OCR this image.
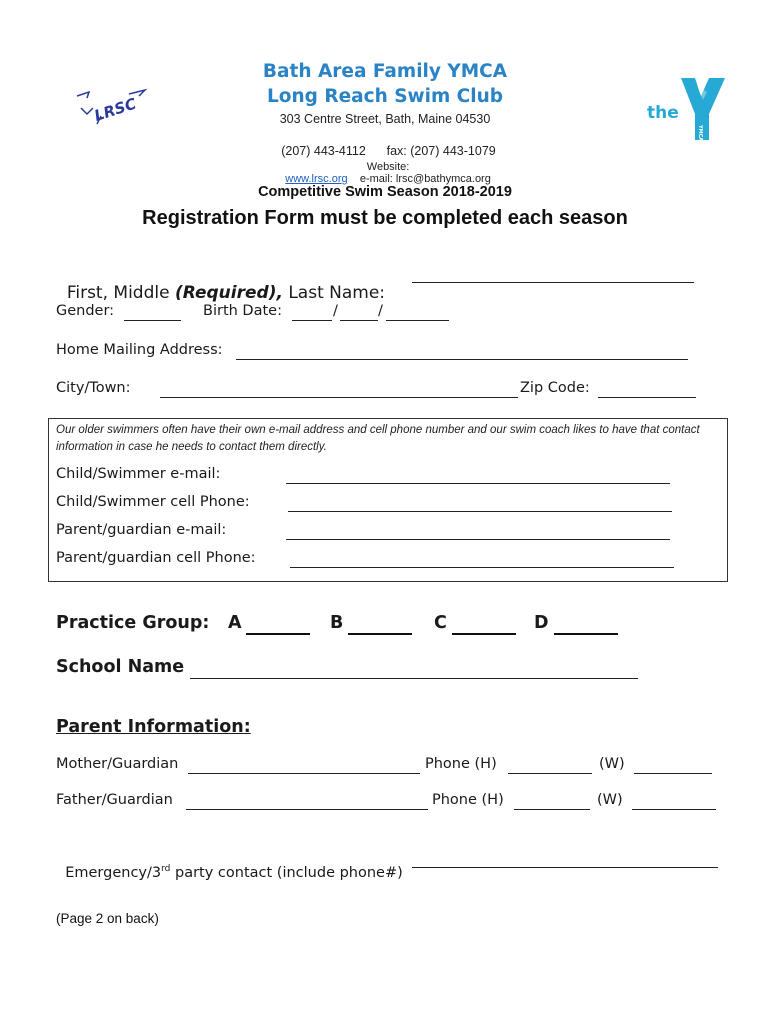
LRSC

	the
YMCA

Bath Area Family YMCA
Long Reach Swim Club
303 Centre Street, Bath, Maine 04530

(207) 443-4112 fax: (207) 443-1079

Website:
www.lrsc.org e-mail: lrsc@bathymca.org

Competitive Swim Season 2018-2019
Registration Form must be completed each season

First, Middle (Required), Last Name:

Gender:	Birth Date:	/	/
Home Mailing Address:
City/Town:	Zip Code:
Our older swimmers often have their own e-mail address and cell phone number and our swim coach likes to have that contact information in case he needs to contact them directly.
Child/Swimmer e-mail:
Child/Swimmer cell Phone:
Parent/guardian e-mail:
Parent/guardian cell Phone:
Practice Group: A	B	C	D
School Name
Parent Information:
Mother/Guardian	Phone (H)	(W)
Father/Guardian	Phone (H)	(W)

Emergency/3rd party contact (include phone#)

(Page 2 on back)
